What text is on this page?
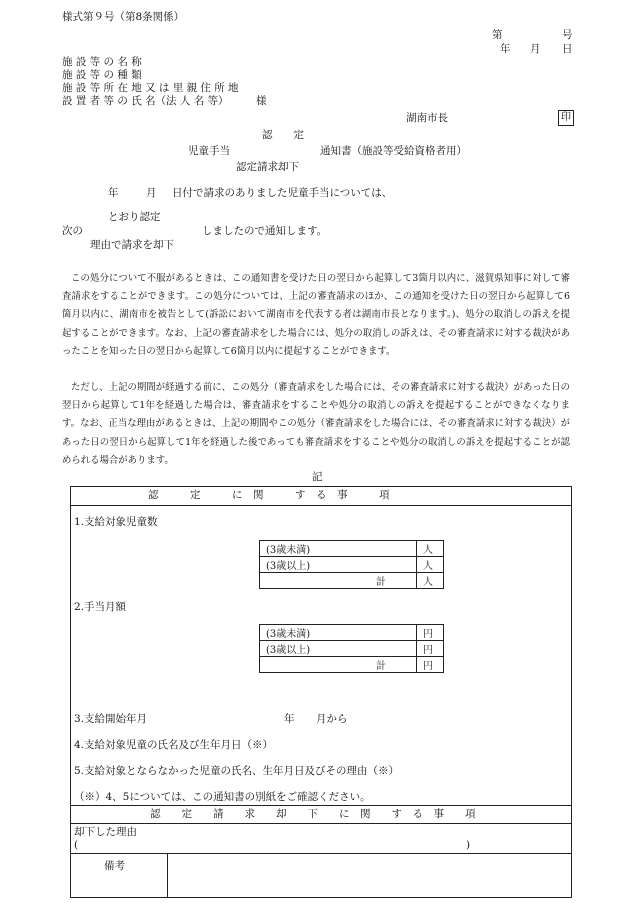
様式第９号（第8条関係）
第	号
年 月 日
施 設 等 の 名 称
施 設 等 の 種 類
施 設 等 所 在 地 又 は 里 親 住 所 地
設 置 者 等 の 氏 名（法 人 名 等）	様
湖南市長	印
認　　定
児童手当	通知書（施設等受給資格者用）
認定請求却下
年	月 日付で請求のありました児童手当については、
とおり認定
次の	しましたので通知します。
理由で請求を却下
この処分について不服があるときは、この通知書を受けた日の翌日から起算して3箇月以内に、滋賀県知事に対して審査請求をすることができます。この処分については、上記の審査請求のほか、この通知を受けた日の翌日から起算して6箇月以内に、湖南市を被告として(訴訟において湖南市を代表する者は湖南市長となります。)、処分の取消しの訴えを提起することができます。なお、上記の審査請求をした場合には、処分の取消しの訴えは、その審査請求に対する裁決があったことを知った日の翌日から起算して6箇月以内に提起することができます。
ただし、上記の期間が経過する前に、この処分（審査請求をした場合には、その審査請求に対する裁決）があった日の翌日から起算して1年を経過した場合は、審査請求をすることや処分の取消しの訴えを提起することができなくなります。なお、正当な理由があるときは、上記の期間やこの処分（審査請求をした場合には、その審査請求に対する裁決）があった日の翌日から起算して1年を経過した後であっても審査請求をすることや処分の取消しの訴えを提起することが認められる場合があります。
記
認　　　定　　　に　関　　　す　る　事　　　項
1.支給対象児童数
(3歳未満)	人
(3歳以上)	人
計	人
2.手当月額
(3歳未満)	円
(3歳以上)	円
計	円
3.支給開始年月	年 月から
4.支給対象児童の氏名及び生年月日（※）
5.支給対象とならなかった児童の氏名、生年月日及びその理由（※）
（※）4、5については、この通知書の別紙をご確認ください。
認　　定　　請　　求　　却　　下　　に　関　　す　る　事　　項
却下した理由
(	)
備考
